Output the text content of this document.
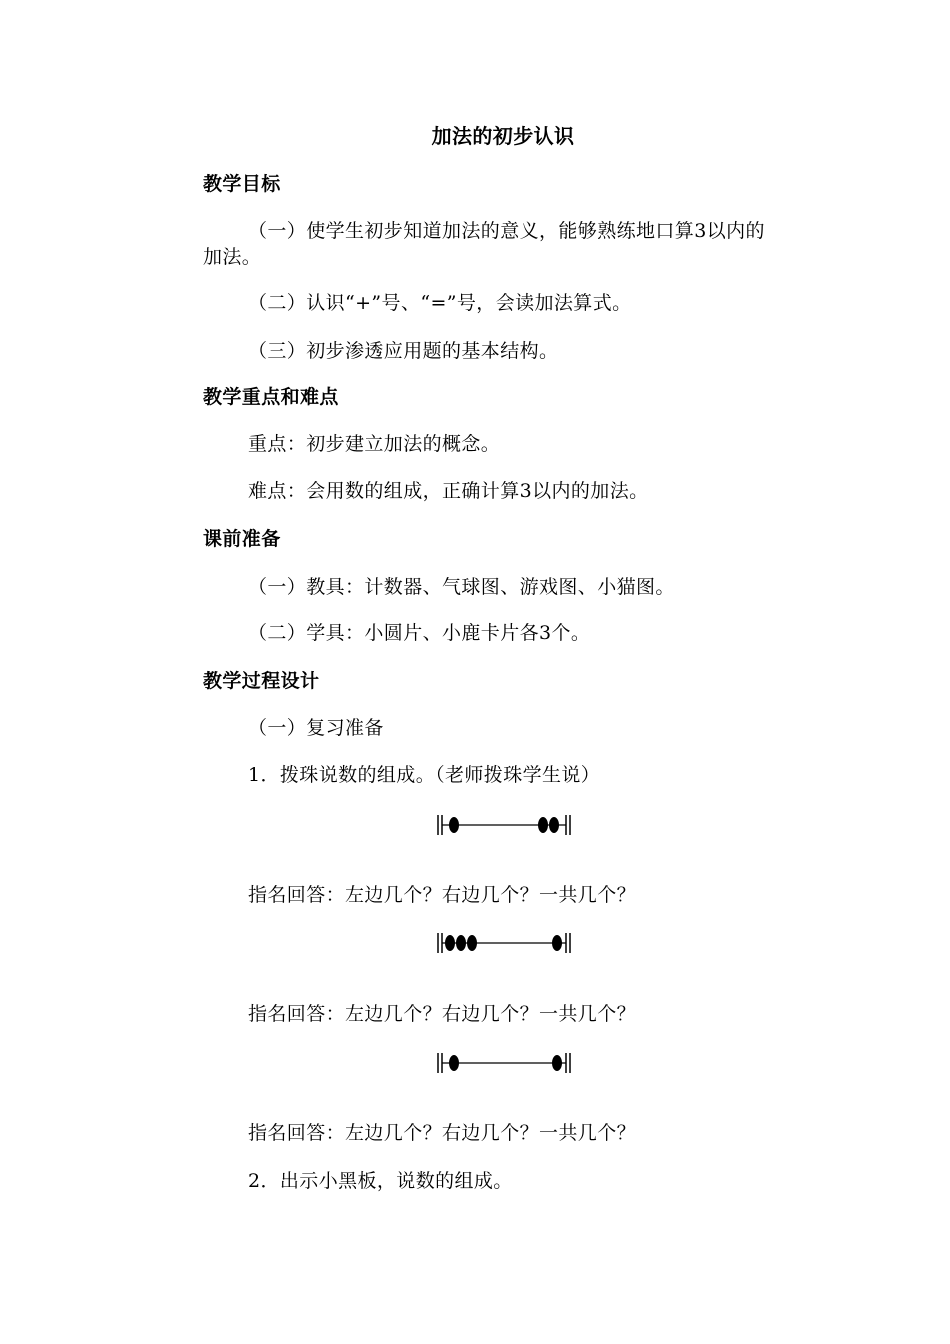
加法的初步认识
教学目标
（一）使学生初步知道加法的意义，能够熟练地口算3以内的
加法。
（二）认识“+”号、“=”号，会读加法算式。
（三）初步渗透应用题的基本结构。
教学重点和难点
重点：初步建立加法的概念。
难点：会用数的组成，正确计算3以内的加法。
课前准备
（一）教具：计数器、气球图、游戏图、小猫图。
（二）学具：小圆片、小鹿卡片各3个。
教学过程设计
（一）复习准备
1．拨珠说数的组成。（老师拨珠学生说）
指名回答：左边几个？右边几个？一共几个？
指名回答：左边几个？右边几个？一共几个？
指名回答：左边几个？右边几个？一共几个？
2．出示小黑板，说数的组成。
